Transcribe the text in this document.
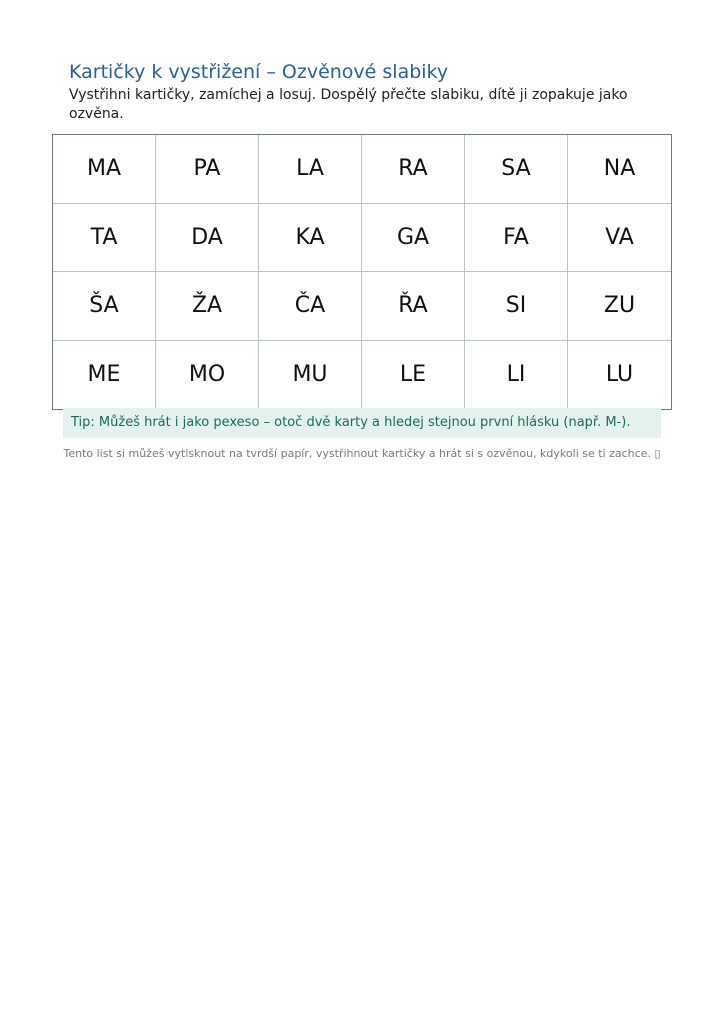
Kartičky k vystřižení – Ozvěnové slabiky

Vystřihni kartičky, zamíchej a losuj. Dospělý přečte slabiku, dítě ji zopakuje jako ozvěna.

MA	PA	LA	RA	SA	NA
TA	DA	KA	GA	FA	VA
ŠA	ŽA	ČA	ŘA	SI	ZU
ME	MO	MU	LE	LI	LU
Tip: Můžeš hrát i jako pexeso – otoč dvě karty a hledej stejnou první hlásku (např. M-).

Tento list si můžeš vytisknout na tvrdší papír, vystřihnout kartičky a hrát si s ozvěnou, kdykoli se ti zachce. ▯
